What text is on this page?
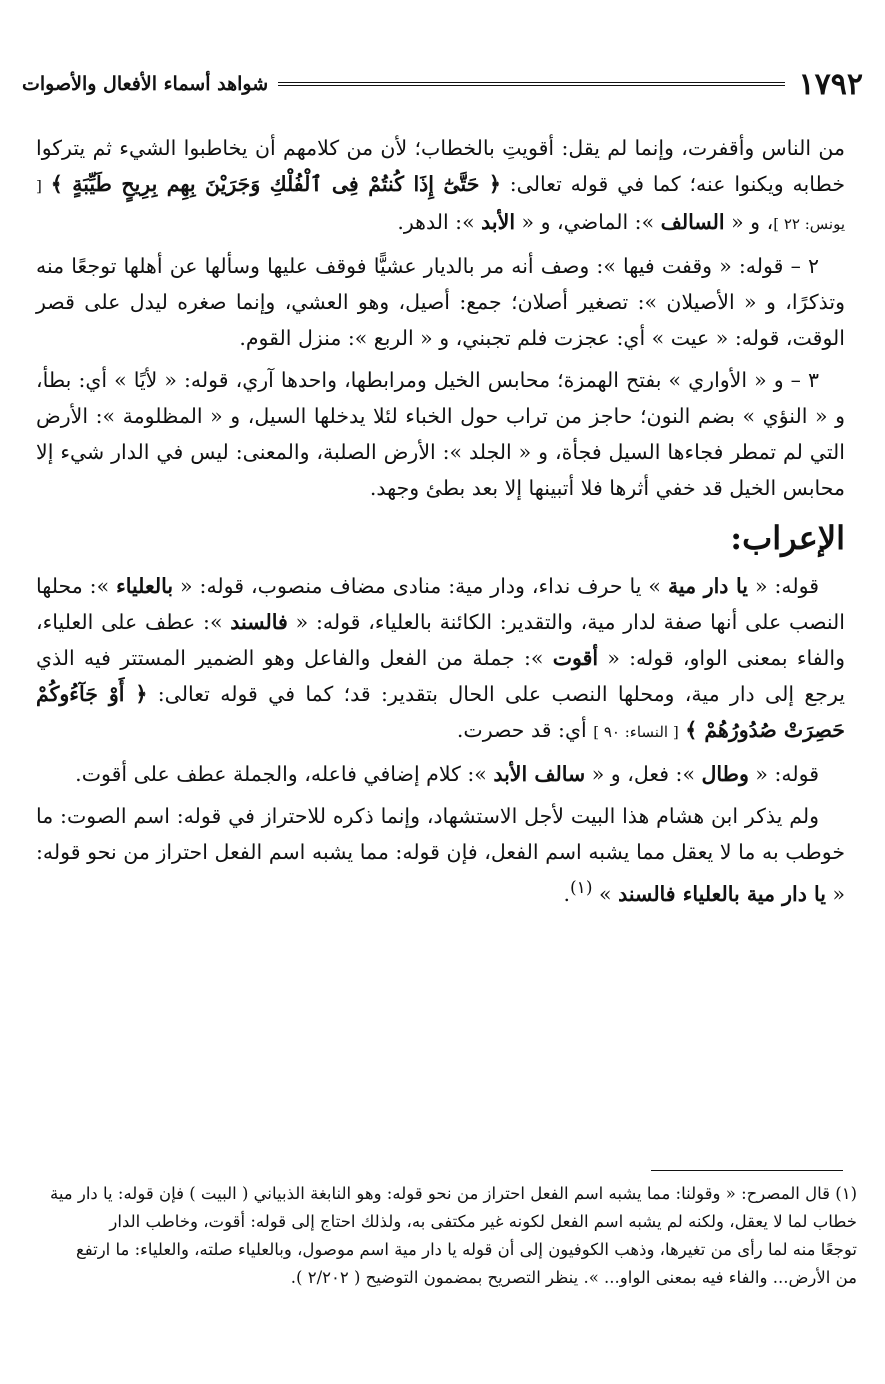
١٧٩٢
شواهد أسماء الأفعال والأصوات

من الناس وأقفرت، وإنما لم يقل: أقويتِ بالخطاب؛ لأن من كلامهم أن يخاطبوا الشيء ثم يتركوا خطابه ويكنوا عنه؛ كما في قوله تعالى: ﴿ حَتَّىٰٓ إِذَا كُنتُمْ فِى ٱلْفُلْكِ وَجَرَيْنَ بِهِم بِرِيحٍ طَيِّبَةٍ ﴾ [ يونس: ٢٢ ]، و « السالف »: الماضي، و « الأبد »: الدهر.

٢ – قوله: « وقفت فيها »: وصف أنه مر بالديار عشيًّا فوقف عليها وسألها عن أهلها توجعًا منه وتذكرًا، و « الأصيلان »: تصغير أصلان؛ جمع: أصيل، وهو العشي، وإنما صغره ليدل على قصر الوقت، قوله: « عيت » أي: عجزت فلم تجبني، و « الربع »: منزل القوم.

٣ – و « الأواري » بفتح الهمزة؛ محابس الخيل ومرابطها، واحدها آري، قوله: « لأيًا » أي: بطأ، و « النؤي » بضم النون؛ حاجز من تراب حول الخباء لئلا يدخلها السيل، و « المظلومة »: الأرض التي لم تمطر فجاءها السيل فجأة، و « الجلد »: الأرض الصلبة، والمعنى: ليس في الدار شيء إلا محابس الخيل قد خفي أثرها فلا أتبينها إلا بعد بطئ وجهد.

الإعراب:

قوله: « يا دار مية » يا حرف نداء، ودار مية: منادى مضاف منصوب، قوله: « بالعلياء »: محلها النصب على أنها صفة لدار مية، والتقدير: الكائنة بالعلياء، قوله: « فالسند »: عطف على العلياء، والفاء بمعنى الواو، قوله: « أقوت »: جملة من الفعل والفاعل وهو الضمير المستتر فيه الذي يرجع إلى دار مية، ومحلها النصب على الحال بتقدير: قد؛ كما في قوله تعالى: ﴿ أَوْ جَآءُوكُمْ حَصِرَتْ صُدُورُهُمْ ﴾ [ النساء: ٩٠ ] أي: قد حصرت.

قوله: « وطال »: فعل، و « سالف الأبد »: كلام إضافي فاعله، والجملة عطف على أقوت.

ولم يذكر ابن هشام هذا البيت لأجل الاستشهاد، وإنما ذكره للاحتراز في قوله: اسم الصوت: ما خوطب به ما لا يعقل مما يشبه اسم الفعل، فإن قوله: مما يشبه اسم الفعل احتراز من نحو قوله: « يا دار مية بالعلياء فالسند » $^{(١)}$.

(١) قال المصرح: « وقولنا: مما يشبه اسم الفعل احتراز من نحو قوله: وهو النابغة الذبياني ( البيت ) فإن قوله: يا دار مية

خطاب لما لا يعقل، ولكنه لم يشبه اسم الفعل لكونه غير مكتفى به، ولذلك احتاج إلى قوله: أقوت، وخاطب الدار

توجعًا منه لما رأى من تغيرها، وذهب الكوفيون إلى أن قوله يا دار مية اسم موصول، وبالعلياء صلته، والعلياء: ما ارتفع

من الأرض... والفاء فيه بمعنى الواو... ». ينظر التصريح بمضمون التوضيح ( ٢/٢٠٢ ).
